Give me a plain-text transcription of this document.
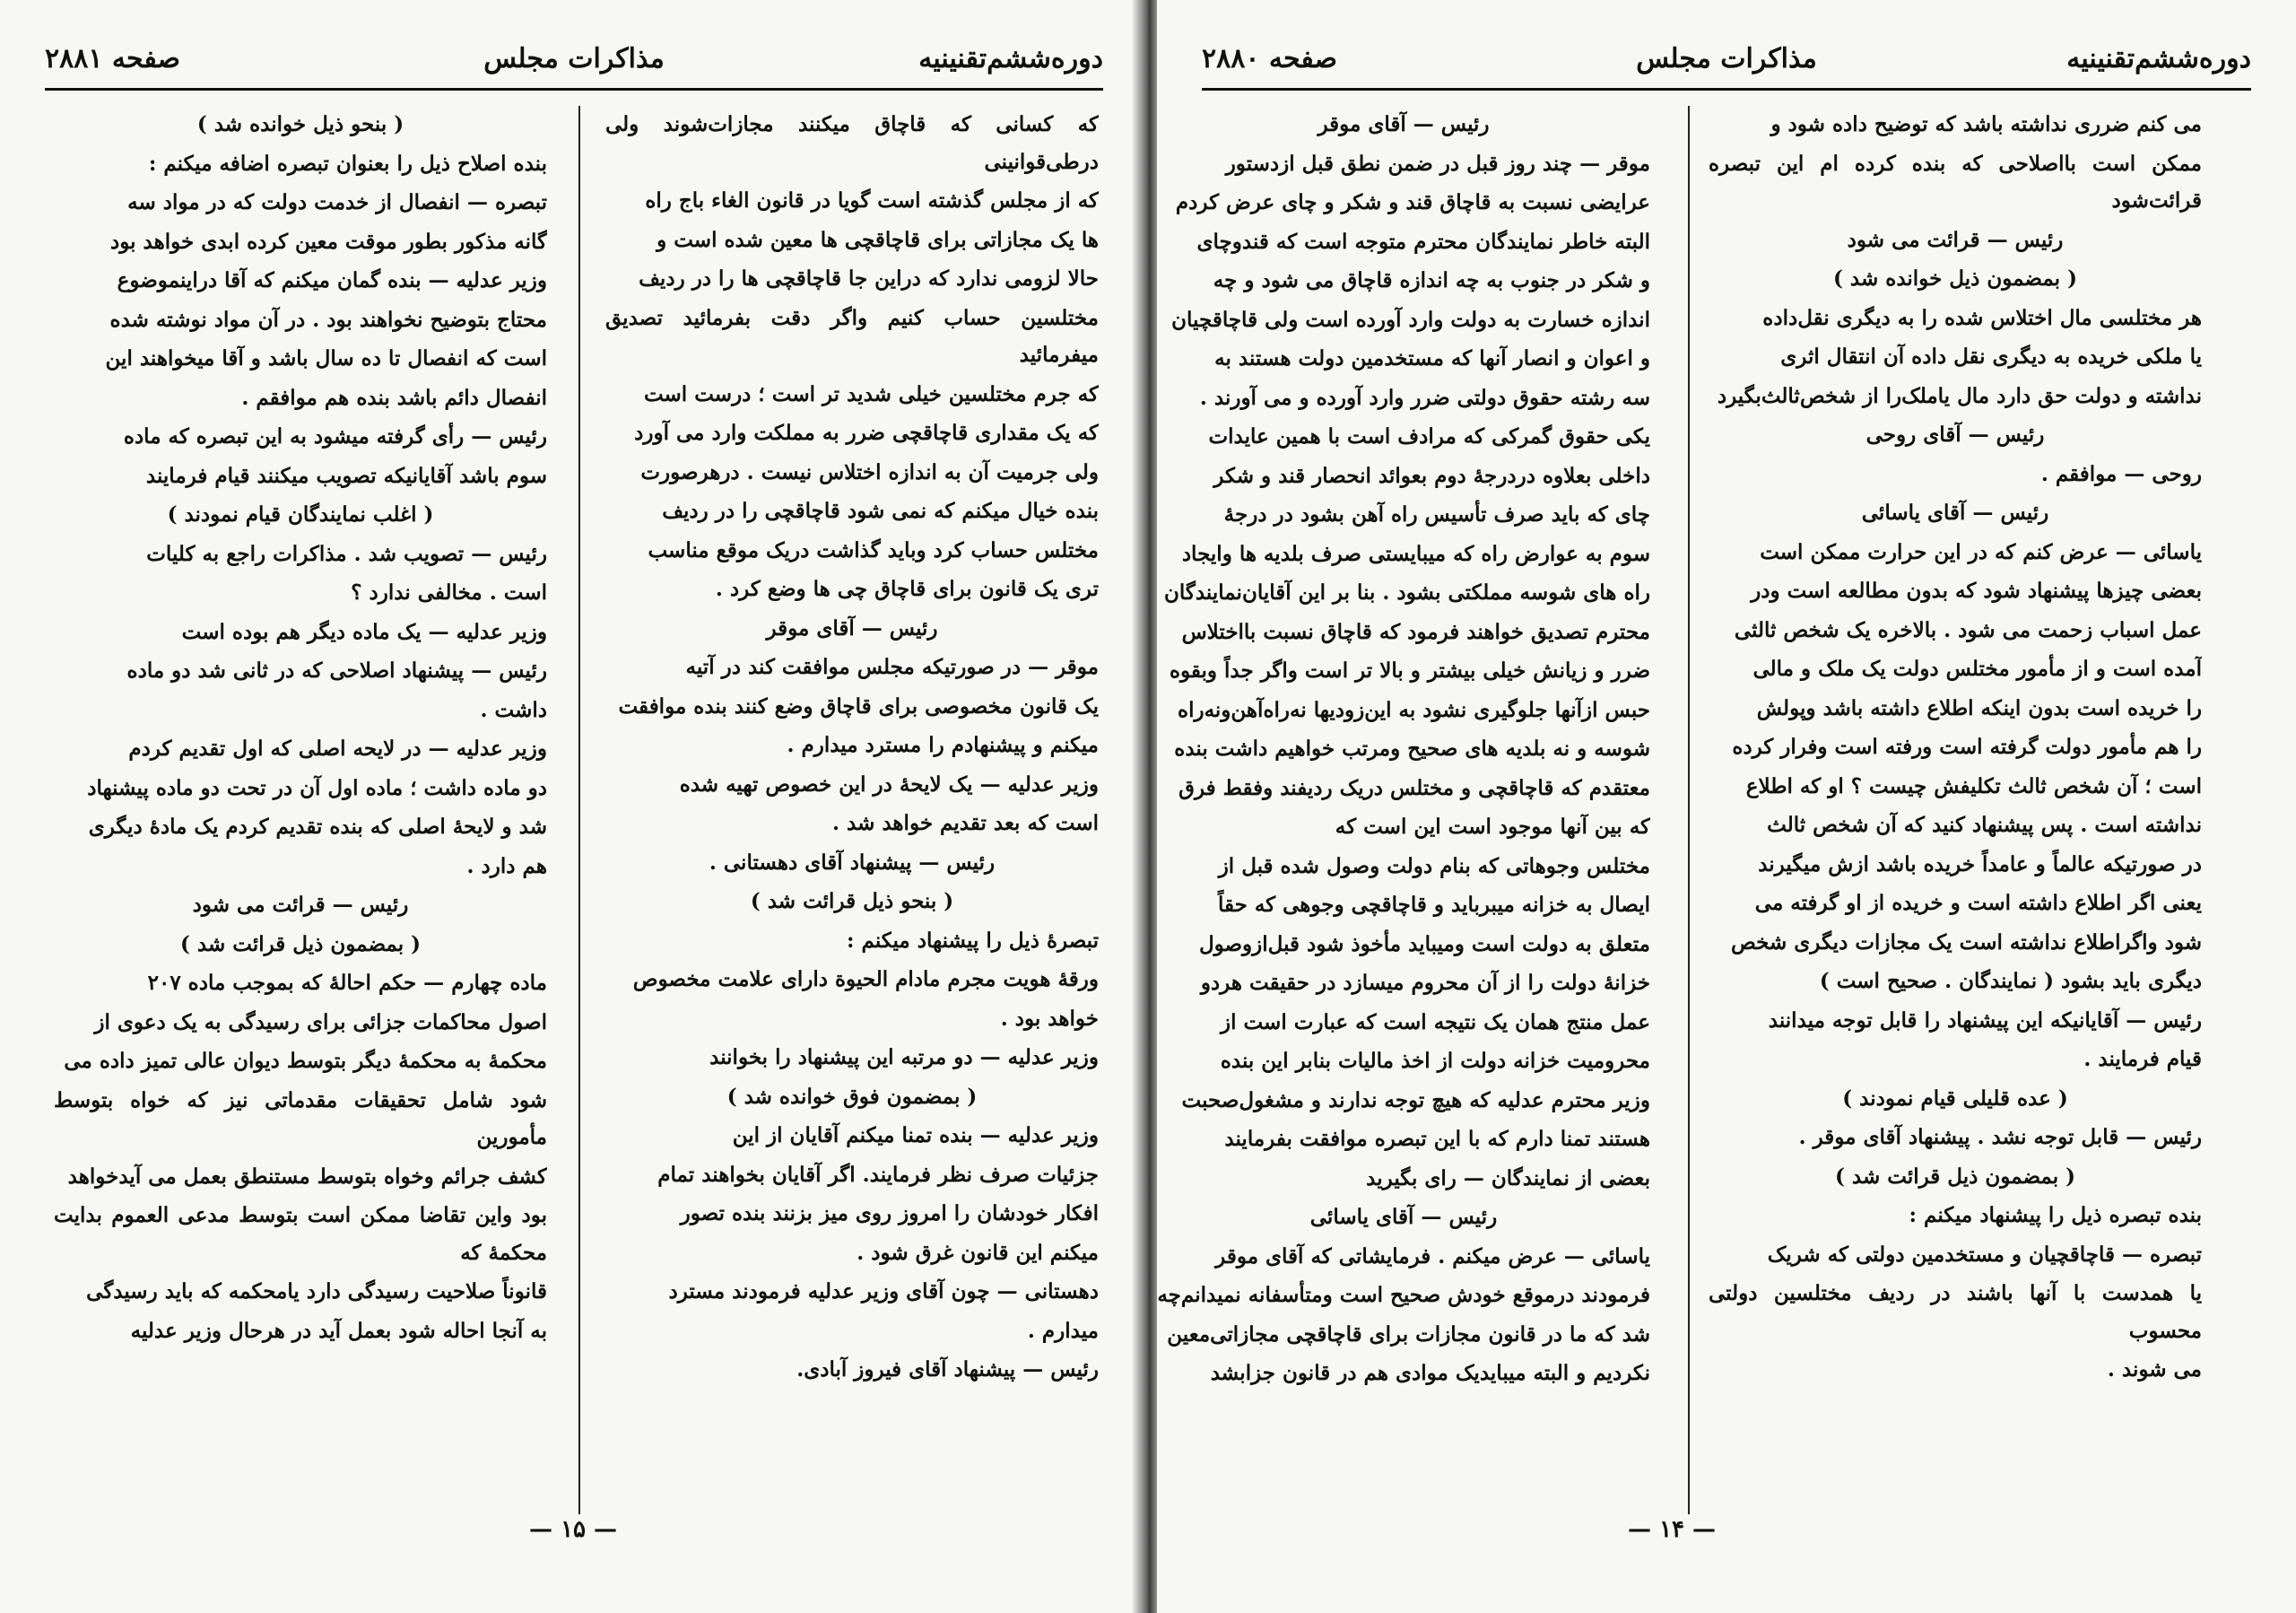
دوره‌ششم‌تقنینیه
مذاکرات مجلس
صفحه ۲۸۸۱

که کسانی که قاچاق میکنند مجازات‌شوند ولی درطی‌قوانینی

که از مجلس گذشته است گویا در قانون الغاء باج راه

ها یک مجازاتی برای قاچاقچی ها معین شده است و

حالا لزومی ندارد که دراین جا قاچاقچی ها را در ردیف

مختلسین حساب کنیم واگر دقت بفرمائید تصدیق میفرمائید

که جرم مختلسین خیلی شدید تر است ؛ درست است

که یک مقداری قاچاقچی ضرر به مملکت وارد می آورد

ولی جرمیت آن به اندازه اختلاس نیست . درهرصورت

بنده خیال میکنم که نمی شود قاچاقچی را در ردیف

مختلس حساب کرد وباید گذاشت دریک موقع مناسب

تری یک قانون برای قاچاق چی ها وضع کرد .

رئیس — آقای موقر

موقر — در صورتیکه مجلس موافقت کند در آتیه

یک قانون مخصوصی برای قاچاق وضع کنند بنده موافقت

میکنم و پیشنهادم را مسترد میدارم .

وزیر عدلیه — یک لایحهٔ در این خصوص تهیه شده

است که بعد تقدیم خواهد شد .

رئیس — پیشنهاد آقای دهستانی .

( بنحو ذیل قرائت شد )

تبصرهٔ ذیل را پیشنهاد میکنم :

ورقهٔ هویت مجرم مادام الحیوة دارای علامت مخصوص

خواهد بود .

وزیر عدلیه — دو مرتبه این پیشنهاد را بخوانند

( بمضمون فوق خوانده شد )

وزیر عدلیه — بنده تمنا میکنم آقایان از این

جزئیات صرف نظر فرمایند. اگر آقایان بخواهند تمام

افکار خودشان را امروز روی میز بزنند بنده تصور

میکنم این قانون غرق شود .

دهستانی — چون آقای وزیر عدلیه فرمودند مسترد

میدارم .

رئیس — پیشنهاد آقای فیروز آبادی.

( بنحو ذیل خوانده شد )

بنده اصلاح ذیل را بعنوان تبصره اضافه میکنم :

تبصره — انفصال از خدمت دولت که در مواد سه

گانه مذکور بطور موقت معین کرده ابدی خواهد بود

وزیر عدلیه — بنده گمان میکنم که آقا دراینموضوع

محتاج بتوضیح نخواهند بود . در آن مواد نوشته شده

است که انفصال تا ده سال باشد و آقا میخواهند این

انفصال دائم باشد بنده هم موافقم .

رئیس — رأی گرفته میشود به این تبصره که ماده

سوم باشد آقایانیکه تصویب میکنند قیام فرمایند

( اغلب نمایندگان قیام نمودند )

رئیس — تصویب شد . مذاکرات راجع به کلیات

است . مخالفی ندارد ؟

وزیر عدلیه — یک ماده دیگر هم بوده است

رئیس — پیشنهاد اصلاحی که در ثانی شد دو ماده

داشت .

وزیر عدلیه — در لایحه اصلی که اول تقدیم کردم

دو ماده داشت ؛ ماده اول آن در تحت دو ماده پیشنهاد

شد و لایحهٔ اصلی که بنده تقدیم کردم یک مادهٔ دیگری

هم دارد .

رئیس — قرائت می شود

( بمضمون ذیل قرائت شد )

ماده چهارم — حکم احالهٔ که بموجب ماده ۲۰۷

اصول محاکمات جزائی برای رسیدگی به یک دعوی از

محکمهٔ به محکمهٔ دیگر بتوسط دیوان عالی تمیز داده می

شود شامل تحقیقات مقدماتی نیز که خواه بتوسط مأمورین

کشف جرائم وخواه بتوسط مستنطق بعمل می آیدخواهد

بود واین تقاضا ممکن است بتوسط مدعی العموم بدایت محکمهٔ که

قانوناً صلاحیت رسیدگی دارد یامحکمه که باید رسیدگی

به آنجا احاله شود بعمل آید در هرحال وزیر عدلیه

— ۱۵ —
دوره‌ششم‌تقنینیه
مذاکرات مجلس
صفحه ۲۸۸۰

می کنم ضرری نداشته باشد که توضیح داده شود و

ممکن است بااصلاحی که بنده کرده ام این تبصره قرائت‌شود

رئیس — قرائت می شود

( بمضمون ذیل خوانده شد )

هر مختلسی مال اختلاس شده را به دیگری نقل‌داده

یا ملکی خریده به دیگری نقل داده آن انتقال اثری

نداشته و دولت حق دارد مال یاملک‌را از شخص‌ثالث‌بگیرد

رئیس — آقای روحی

روحی — موافقم .

رئیس — آقای یاسائی

یاسائی — عرض کنم که در این حرارت ممکن است

بعضی چیزها پیشنهاد شود که بدون مطالعه است ودر

عمل اسباب زحمت می شود . بالاخره یک شخص ثالثی

آمده است و از مأمور مختلس دولت یک ملک و مالی

را خریده است بدون اینکه اطلاع داشته باشد وپولش

را هم مأمور دولت گرفته است ورفته است وفرار کرده

است ؛ آن شخص ثالث تکلیفش چیست ؟ او که اطلاع

نداشته است . پس پیشنهاد کنید که آن شخص ثالث

در صورتیکه عالماً و عامداً خریده باشد ازش میگیرند

یعنی اگر اطلاع داشته است و خریده از او گرفته می

شود واگراطلاع نداشته است یک مجازات دیگری شخص

دیگری باید بشود ( نمایندگان . صحیح است )

رئیس — آقایانیکه این پیشنهاد را قابل توجه میدانند

قیام فرمایند .

( عده قلیلی قیام نمودند )

رئیس — قابل توجه نشد . پیشنهاد آقای موقر .

( بمضمون ذیل قرائت شد )

بنده تبصره ذیل را پیشنهاد میکنم :

تبصره — قاچاقچیان و مستخدمین دولتی که شریک

یا همدست با آنها باشند در ردیف مختلسین دولتی محسوب

می شوند .

رئیس — آقای موقر

موقر — چند روز قبل در ضمن نطق قبل ازدستور

عرایضی نسبت به قاچاق قند و شکر و چای عرض کردم

البته خاطر نمایندگان محترم متوجه است که قندوچای

و شکر در جنوب به چه اندازه قاچاق می شود و چه

اندازه خسارت به دولت وارد آورده است ولی قاچاقچیان

و اعوان و انصار آنها که مستخدمین دولت هستند به

سه رشته حقوق دولتی ضرر وارد آورده و می آورند .

یکی حقوق گمرکی که مرادف است با همین عایدات

داخلی بعلاوه دردرجهٔ دوم بعوائد انحصار قند و شکر

چای که باید صرف تأسیس راه آهن بشود در درجهٔ

سوم به عوارض راه که میبایستی صرف بلدیه ها وایجاد

راه های شوسه مملکتی بشود . بنا بر این آقایان‌نمایندگان

محترم تصدیق خواهند فرمود که قاچاق نسبت بااختلاس

ضرر و زیانش خیلی بیشتر و بالا تر است واگر جداً وبقوه

حبس ازآنها جلوگیری نشود به این‌زودیها نه‌راه‌آهن‌ونه‌راه

شوسه و نه بلدیه های صحیح ومرتب خواهیم داشت بنده

معتقدم که قاچاقچی و مختلس دریک ردیفند وفقط فرق

که بین آنها موجود است این است که

مختلس وجوهاتی که بنام دولت وصول شده قبل از

ایصال به خزانه میبرباید و قاچاقچی وجوهی که حقاً

متعلق به دولت است ومیباید مأخوذ شود قبل‌ازوصول

خزانهٔ دولت را از آن محروم میسازد در حقیقت هردو

عمل منتج همان یک نتیجه است که عبارت است از

محرومیت خزانه دولت از اخذ مالیات بنابر این بنده

وزیر محترم عدلیه که هیچ توجه ندارند و مشغول‌صحبت

هستند تمنا دارم که با این تبصره موافقت بفرمایند

بعضی از نمایندگان — رای بگیرید

رئیس — آقای یاسائی

یاسائی — عرض میکنم . فرمایشاتی که آقای موقر

فرمودند درموقع خودش صحیح است ومتأسفانه نمیدانم‌چه

شد که ما در قانون مجازات برای قاچاقچی مجازاتی‌معین

نکردیم و البته میبایدیک موادی هم در قانون جزابشد

— ۱۴ —
